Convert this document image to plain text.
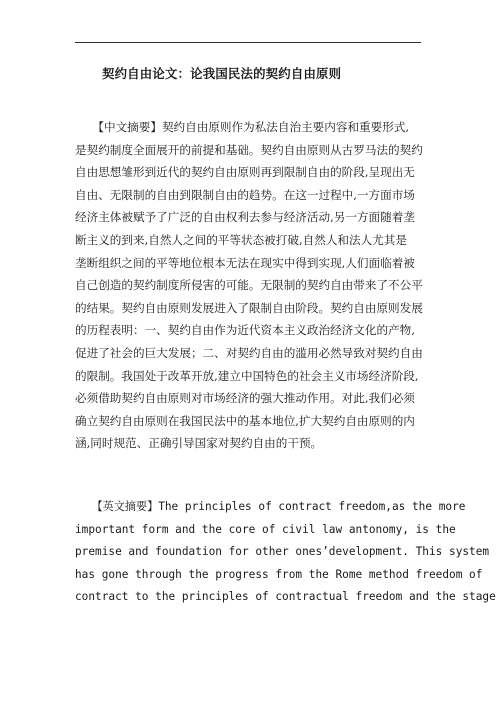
契约自由论文：论我国民法的契约自由原则
　　【中文摘要】契约自由原则作为私法自治主要内容和重要形式,
是契约制度全面展开的前提和基础。契约自由原则从古罗马法的契约
自由思想雏形到近代的契约自由原则再到限制自由的阶段,呈现出无
自由、无限制的自由到限制自由的趋势。在这一过程中,一方面市场
经济主体被赋予了广泛的自由权利去参与经济活动,另一方面随着垄
断主义的到来,自然人之间的平等状态被打破,自然人和法人尤其是
垄断组织之间的平等地位根本无法在现实中得到实现,人们面临着被
自己创造的契约制度所侵害的可能。无限制的契约自由带来了不公平
的结果。契约自由原则发展进入了限制自由阶段。契约自由原则发展
的历程表明：一、契约自由作为近代资本主义政治经济文化的产物,
促进了社会的巨大发展；二、对契约自由的滥用必然导致对契约自由
的限制。我国处于改革开放,建立中国特色的社会主义市场经济阶段,
必须借助契约自由原则对市场经济的强大推动作用。对此,我们必须
确立契约自由原则在我国民法中的基本地位,扩大契约自由原则的内
涵,同时规范、正确引导国家对契约自由的干预。
　　【英文摘要】The principles of contract freedom,as the more
important form and the core of civil law antonomy, is the
premise and foundation for other ones’development. This system
has gone through the progress from the Rome method freedom of
contract to the principles of contractual freedom and the stage
